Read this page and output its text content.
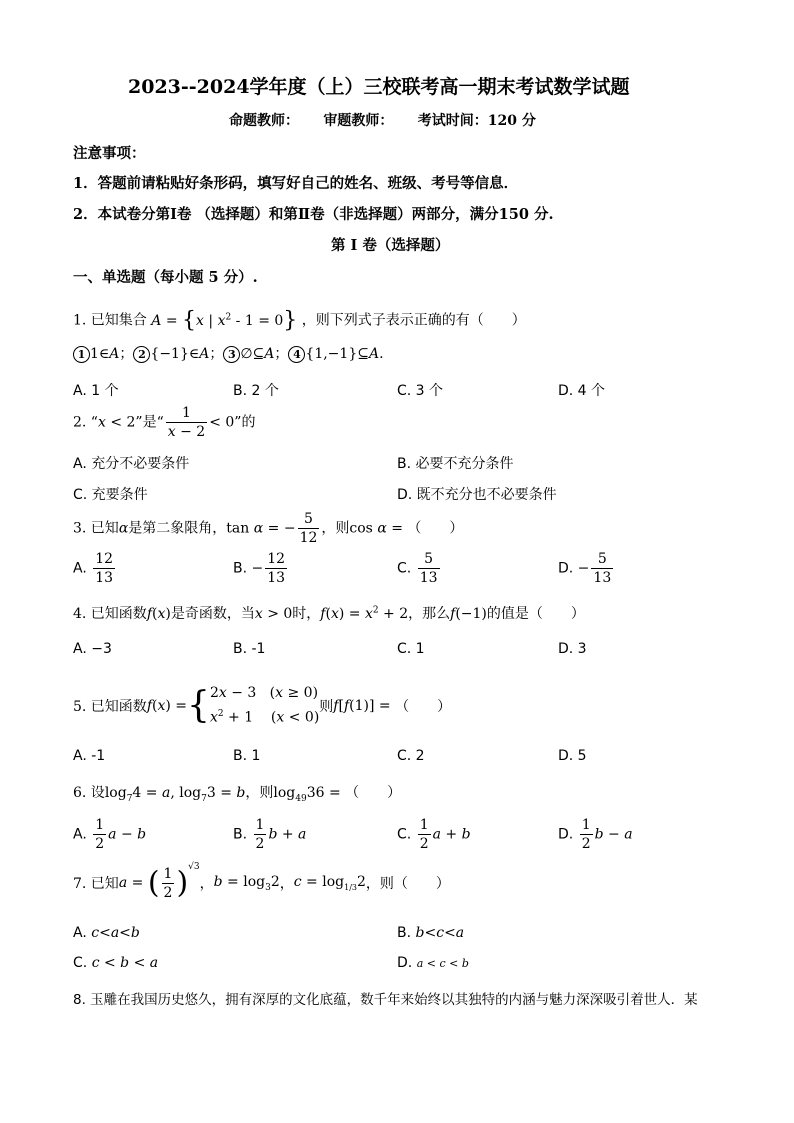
2023--2024学年度（上）三校联考高一期末考试数学试题
命题教师：     审题教师：     考试时间：120 分
注意事项：
1．答题前请粘贴好条形码，填写好自己的姓名、班级、考号等信息．
2．本试卷分第Ⅰ卷 （选择题）和第Ⅱ卷（非选择题）两部分，满分150 分.
第 Ⅰ 卷（选择题）
一、单选题（每小题 5 分）.
1. 已知集合 A = {x | $x^2 - 1 = 0$} ，则下列式子表示正确的有（　　）
1 1∈A； 2 {−1}∈A； 3 ∅⊆A； 4 {1,−1}⊆A.
A. 1 个	B. 2 个	C. 3 个	D. 4 个
2. “x < 2”是“ $\frac{1}{x - 2} < 0$”的
A. 充分不必要条件	B. 必要不充分条件
C. 充要条件	D. 既不充分也不必要条件
3. 已知α是第二象限角，tan α = − $\frac{5}{12}$ ，则cos α = （　　）
A. $\frac{12}{13}$	B. − $\frac{12}{13}$	C. $\frac{5}{13}$	D. − $\frac{5}{13}$
4. 已知函数f(x)是奇函数，当x > 0时，$f(x) = x^2 + 2$，那么f(−1)的值是（　　）
A. −3	B. -1	C. 1	D. 3
5. 已知函数f(x) ={2x − 3   (x ≥ 0)
$x^2 + 1$    (x < 0)则f[f(1)] = （　　）
A. -1	B. 1	C. 2	D. 5
6. 设$\log_74 = a$, $\log_73 = b$，则$\log_{49}36$ = （　　）
A. $\frac{1}{2}$ a − b	B. $\frac{1}{2}$ b + a	C. $\frac{1}{2}$ a + b	D. $\frac{1}{2}$ b − a
7. 已知a = ( $\frac{1}{2} )^{√3}$，$b = \log_32$，$c = \log_{1/3}2$，则（　　）
A. c<a<b	B. b<c<a
C. c < b < a	D. a < c < b
8. 玉雕在我国历史悠久，拥有深厚的文化底蕴，数千年来始终以其独特的内涵与魅力深深吸引着世人．某
